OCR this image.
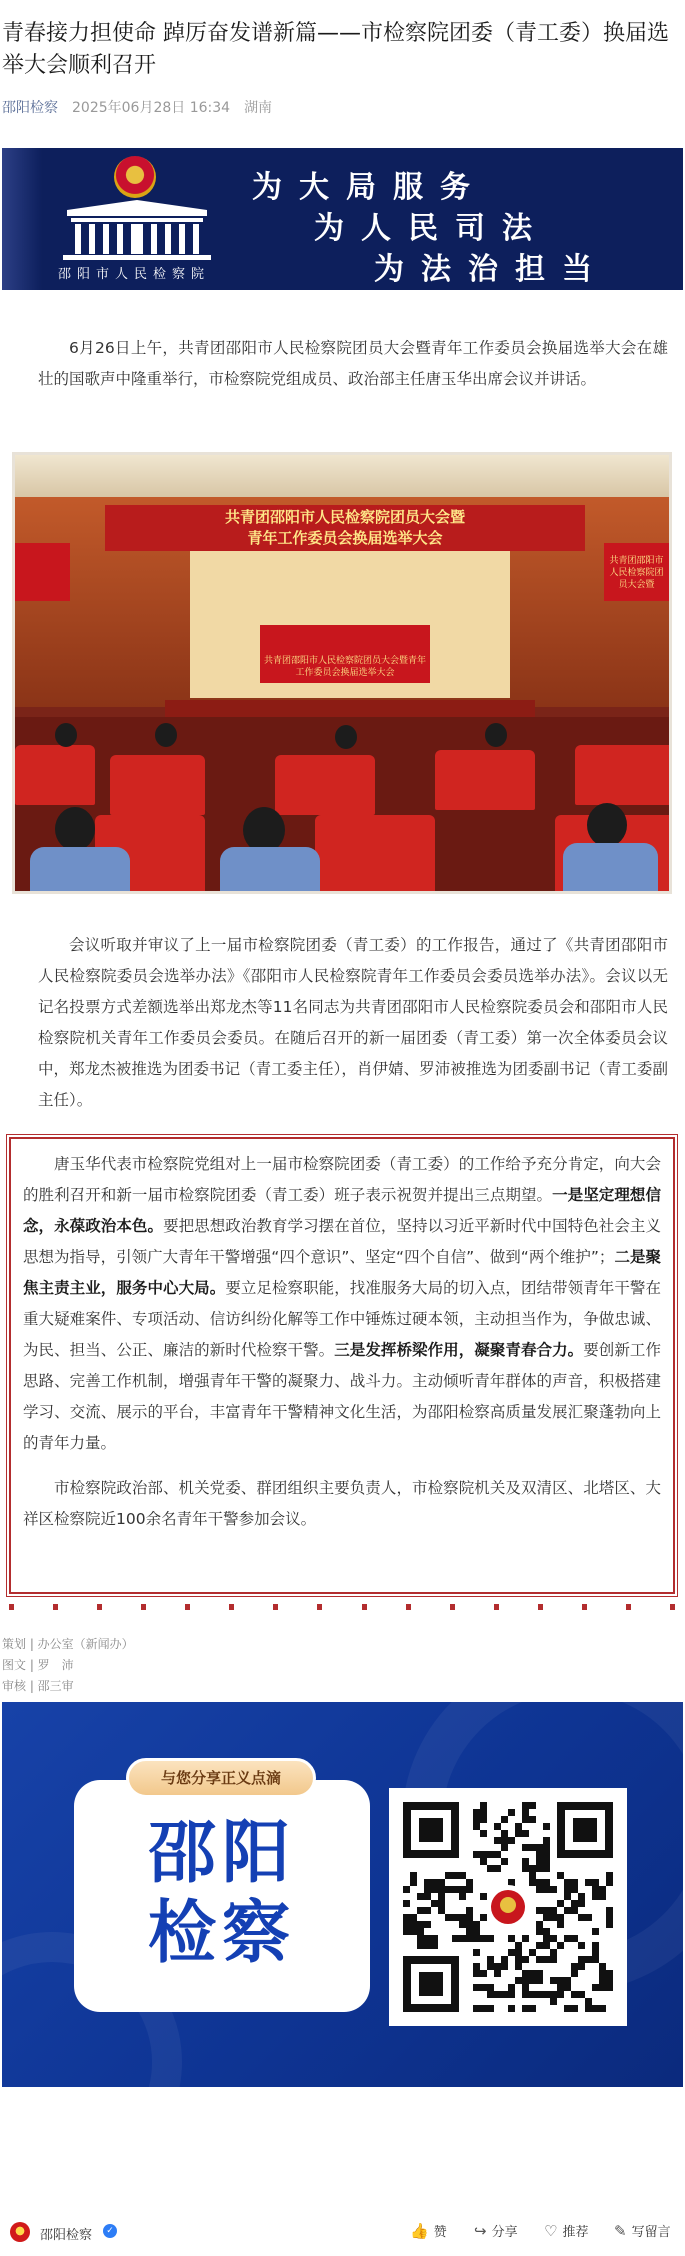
青春接力担使命 踔厉奋发谱新篇——市检察院团委（青工委）换届选举大会顺利召开
邵阳检察 2025年06月28日 16:34 湖南
邵阳市人民检察院
为大局服务
为人民司法
为法治担当

6月26日上午，共青团邵阳市人民检察院团员大会暨青年工作委员会换届选举大会在雄壮的国歌声中隆重举行，市检察院党组成员、政治部主任唐玉华出席会议并讲话。

共青团邵阳市人民检察院团员大会暨
青年工作委员会换届选举大会
共青团邵阳市人民检察院团员大会暨青年工作委员会换届选举大会
共青团邵阳市人民检察院团员大会暨

会议听取并审议了上一届市检察院团委（青工委）的工作报告，通过了《共青团邵阳市人民检察院委员会选举办法》《邵阳市人民检察院青年工作委员会委员选举办法》。会议以无记名投票方式差额选举出郑龙杰等11名同志为共青团邵阳市人民检察院委员会和邵阳市人民检察院机关青年工作委员会委员。在随后召开的新一届团委（青工委）第一次全体委员会议中，郑龙杰被推选为团委书记（青工委主任），肖伊婧、罗沛被推选为团委副书记（青工委副主任）。

唐玉华代表市检察院党组对上一届市检察院团委（青工委）的工作给予充分肯定，向大会的胜利召开和新一届市检察院团委（青工委）班子表示祝贺并提出三点期望。一是坚定理想信念，永葆政治本色。要把思想政治教育学习摆在首位，坚持以习近平新时代中国特色社会主义思想为指导，引领广大青年干警增强“四个意识”、坚定“四个自信”、做到“两个维护”；二是聚焦主责主业，服务中心大局。要立足检察职能，找准服务大局的切入点，团结带领青年干警在重大疑难案件、专项活动、信访纠纷化解等工作中锤炼过硬本领，主动担当作为，争做忠诚、为民、担当、公正、廉洁的新时代检察干警。三是发挥桥梁作用，凝聚青春合力。要创新工作思路、完善工作机制，增强青年干警的凝聚力、战斗力。主动倾听青年群体的声音，积极搭建学习、交流、展示的平台，丰富青年干警精神文化生活，为邵阳检察高质量发展汇聚蓬勃向上的青年力量。

市检察院政治部、机关党委、群团组织主要负责人，市检察院机关及双清区、北塔区、大祥区检察院近100余名青年干警参加会议。

策划 | 办公室（新闻办）
图文 | 罗　沛
审核 | 邵三审
与您分享正义点滴
邵阳
检察
邵阳检察	✓	👍 赞 ↪ 分享 ♡ 推荐 ✎ 写留言
